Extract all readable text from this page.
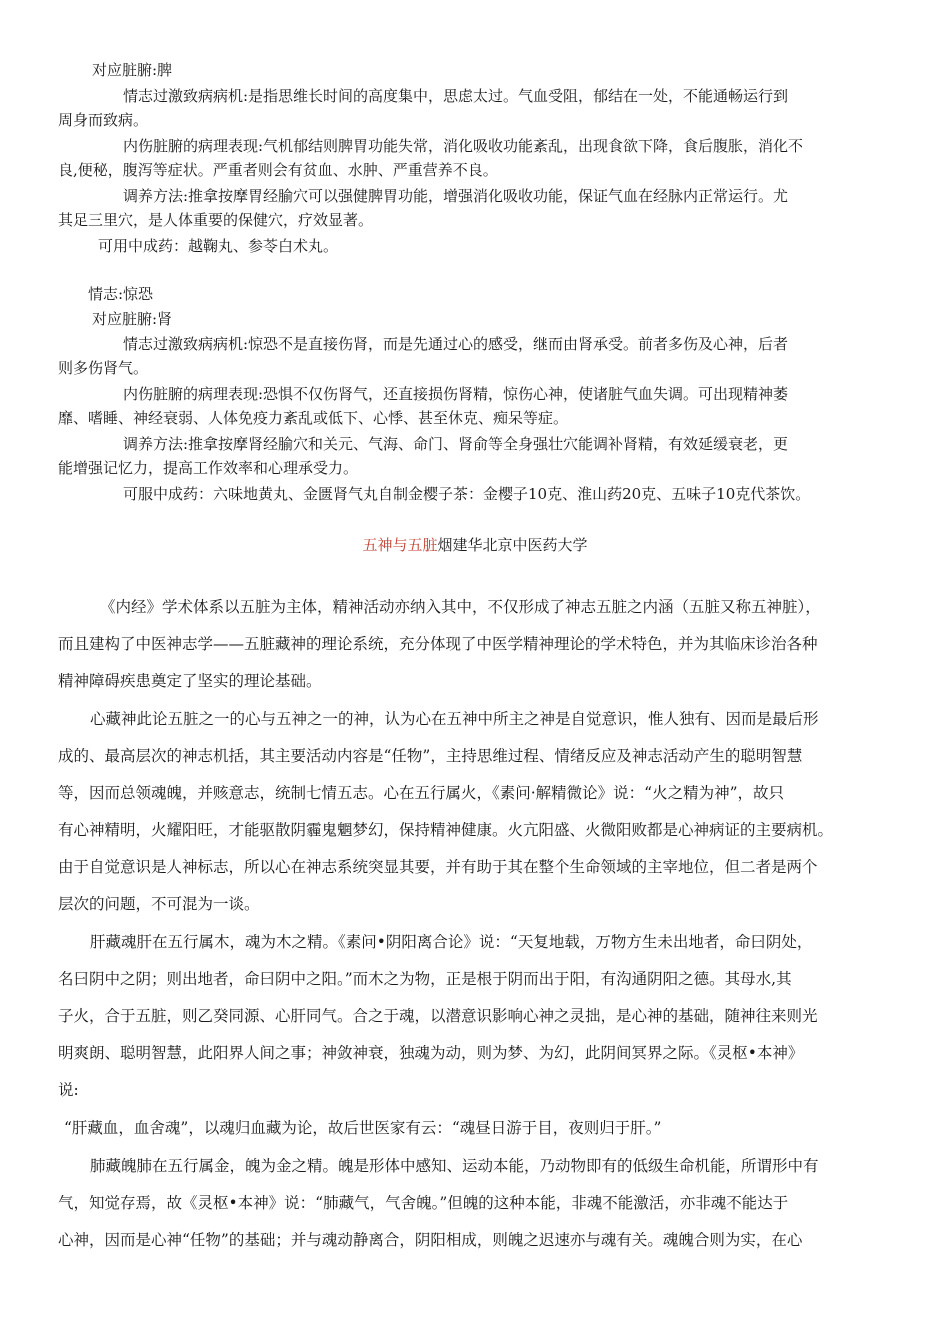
对应脏腑:脾
情志过激致病病机:是指思维长时间的高度集中，思虑太过。气血受阻，郁结在一处，不能通畅运行到
周身而致病。
内伤脏腑的病理表现:气机郁结则脾胃功能失常，消化吸收功能紊乱，出现食欲下降，食后腹胀，消化不
良,便秘，腹泻等症状。严重者则会有贫血、水肿、严重营养不良。
调养方法:推拿按摩胃经腧穴可以强健脾胃功能，增强消化吸收功能，保证气血在经脉内正常运行。尤
其足三里穴，是人体重要的保健穴，疗效显著。
可用中成药：越鞠丸、参苓白术丸。
情志:惊恐
对应脏腑:肾
情志过激致病病机:惊恐不是直接伤肾，而是先通过心的感受，继而由肾承受。前者多伤及心神，后者
则多伤肾气。
内伤脏腑的病理表现:恐惧不仅伤肾气，还直接损伤肾精，惊伤心神，使诸脏气血失调。可出现精神萎
靡、嗜睡、神经衰弱、人体免疫力紊乱或低下、心悸、甚至休克、痴呆等症。
调养方法:推拿按摩肾经腧穴和关元、气海、命门、肾俞等全身强壮穴能调补肾精，有效延缓衰老，更
能增强记忆力，提高工作效率和心理承受力。
可服中成药：六味地黄丸、金匮肾气丸自制金樱子茶：金樱子10克、淮山药20克、五味子10克代茶饮。
五神与五脏烟建华北京中医药大学
《内经》学术体系以五脏为主体，精神活动亦纳入其中，不仅形成了神志五脏之内涵（五脏又称五神脏），
而且建构了中医神志学——五脏藏神的理论系统，充分体现了中医学精神理论的学术特色，并为其临床诊治各种
精神障碍疾患奠定了坚实的理论基础。
心藏神此论五脏之一的心与五神之一的神，认为心在五神中所主之神是自觉意识，惟人独有、因而是最后形
成的、最高层次的神志机括，其主要活动内容是“任物”，主持思维过程、情绪反应及神志活动产生的聪明智慧
等，因而总领魂魄，并赅意志，统制七情五志。心在五行属火，《素问·解精微论》说：“火之精为神”，故只
有心神精明，火耀阳旺，才能驱散阴霾鬼魍梦幻，保持精神健康。火亢阳盛、火微阳败都是心神病证的主要病机。
由于自觉意识是人神标志，所以心在神志系统突显其要，并有助于其在整个生命领域的主宰地位，但二者是两个
层次的问题，不可混为一谈。
肝藏魂肝在五行属木，魂为木之精。《素问•阴阳离合论》说：“天复地载，万物方生未出地者，命曰阴处，
名曰阴中之阴；则出地者，命曰阴中之阳。”而木之为物，正是根于阴而出于阳，有沟通阴阳之德。其母水,其
子火，合于五脏，则乙癸同源、心肝同气。合之于魂，以潜意识影响心神之灵拙，是心神的基础，随神往来则光
明爽朗、聪明智慧，此阳界人间之事；神敛神衰，独魂为动，则为梦、为幻，此阴间冥界之际。《灵枢•本神》
说:
“肝藏血，血舍魂”，以魂归血藏为论，故后世医家有云：“魂昼日游于目，夜则归于肝。”
肺藏魄肺在五行属金，魄为金之精。魄是形体中感知、运动本能，乃动物即有的低级生命机能，所谓形中有
气，知觉存焉，故《灵枢•本神》说：“肺藏气，气舍魄。”但魄的这种本能，非魂不能激活，亦非魂不能达于
心神，因而是心神“任物”的基础；并与魂动静离合，阴阳相成，则魄之迟速亦与魂有关。魂魄合则为实，在心
